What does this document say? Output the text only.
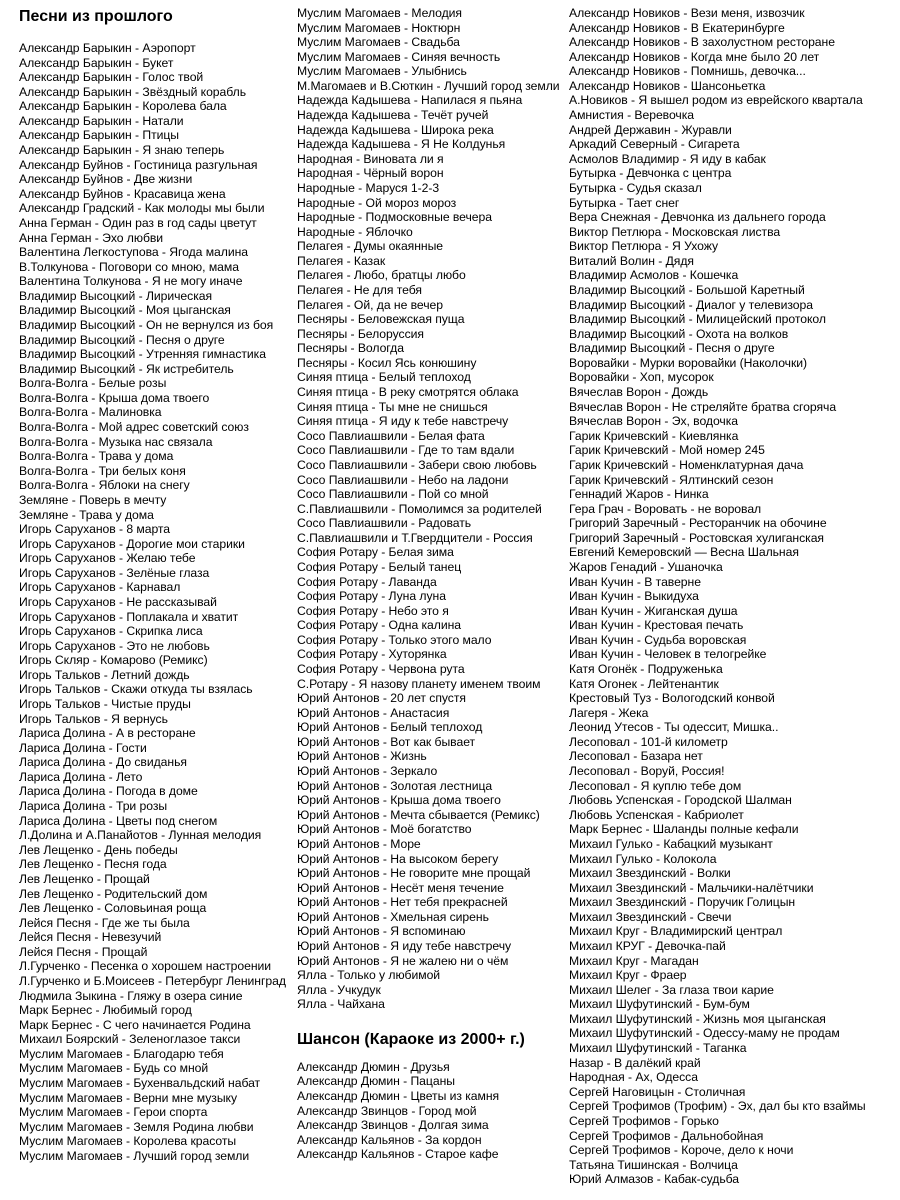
Песни из прошлого
Александр Барыкин - Аэропорт
Александр Барыкин - Букет
Александр Барыкин - Голос твой
Александр Барыкин - Звёздный корабль
Александр Барыкин - Королева бала
Александр Барыкин - Натали
Александр Барыкин - Птицы
Александр Барыкин - Я знаю теперь
Александр Буйнов - Гостиница разгульная
Александр Буйнов - Две жизни
Александр Буйнов - Красавица жена
Александр Градский - Как молоды мы были
Анна Герман - Один раз в год сады цветут
Анна Герман - Эхо любви
Валентина Легкоступова - Ягода малина
В.Толкунова - Поговори со мною, мама
Валентина Толкунова - Я не могу иначе
Владимир Высоцкий - Лирическая
Владимир Высоцкий - Моя цыганская
Владимир Высоцкий - Он не вернулся из боя
Владимир Высоцкий - Песня о друге
Владимир Высоцкий - Утренняя гимнастика
Владимир Высоцкий - Як истребитель
Волга-Волга - Белые розы
Волга-Волга - Крыша дома твоего
Волга-Волга - Малиновка
Волга-Волга - Мой адрес советский союз
Волга-Волга - Музыка нас связала
Волга-Волга - Трава у дома
Волга-Волга - Три белых коня
Волга-Волга - Яблоки на снегу
Земляне - Поверь в мечту
Земляне - Трава у дома
Игорь Саруханов - 8 марта
Игорь Саруханов - Дорогие мои старики
Игорь Саруханов - Желаю тебе
Игорь Саруханов - Зелёные глаза
Игорь Саруханов - Карнавал
Игорь Саруханов - Не рассказывай
Игорь Саруханов - Поплакала и хватит
Игорь Саруханов - Скрипка лиса
Игорь Саруханов - Это не любовь
Игорь Скляр - Комарово (Ремикс)
Игорь Тальков - Летний дождь
Игорь Тальков - Скажи откуда ты взялась
Игорь Тальков - Чистые пруды
Игорь Тальков - Я вернусь
Лариса Долина - А в ресторане
Лариса Долина - Гости
Лариса Долина - До свиданья
Лариса Долина - Лето
Лариса Долина - Погода в доме
Лариса Долина - Три розы
Лариса Долина - Цветы под снегом
Л.Долина и А.Панайотов - Лунная мелодия
Лев Лещенко - День победы
Лев Лещенко - Песня года
Лев Лещенко - Прощай
Лев Лещенко - Родительский дом
Лев Лещенко - Соловьиная роща
Лейся Песня - Где же ты была
Лейся Песня - Невезучий
Лейся Песня - Прощай
Л.Гурченко - Песенка о хорошем настроении
Л.Гурченко и Б.Моисеев - Петербург Ленинград
Людмила Зыкина - Гляжу в озера синие
Марк Бернес - Любимый город
Марк Бернес - С чего начинается Родина
Михаил Боярский - Зеленоглазое такси
Муслим Магомаев - Благодарю тебя
Муслим Магомаев - Будь со мной
Муслим Магомаев - Бухенвальдский набат
Муслим Магомаев - Верни мне музыку
Муслим Магомаев - Герои спорта
Муслим Магомаев - Земля Родина любви
Муслим Магомаев - Королева красоты
Муслим Магомаев - Лучший город земли
Муслим Магомаев - Мелодия
Муслим Магомаев - Ноктюрн
Муслим Магомаев - Свадьба
Муслим Магомаев - Синяя вечность
Муслим Магомаев - Улыбнись
М.Магомаев и В.Сюткин - Лучший город земли
Надежда Кадышева - Напилася я пьяна
Надежда Кадышева - Течёт ручей
Надежда Кадышева - Широка река
Надежда Кадышева - Я Не Колдунья
Народная - Виновата ли я
Народная - Чёрный ворон
Народные - Маруся 1-2-3
Народные - Ой мороз мороз
Народные - Подмосковные вечера
Народные - Яблочко
Пелагея - Думы окаянные
Пелагея - Казак
Пелагея - Любо, братцы любо
Пелагея - Не для тебя
Пелагея - Ой, да не вечер
Песняры - Беловежская пуща
Песняры - Белоруссия
Песняры - Вологда
Песняры - Косил Ясь конюшину
Синяя птица - Белый теплоход
Синяя птица - В реку смотрятся облака
Синяя птица - Ты мне не снишься
Синяя птица - Я иду к тебе навстречу
Сосо Павлиашвили - Белая фата
Сосо Павлиашвили - Где то там вдали
Сосо Павлиашвили - Забери свою любовь
Сосо Павлиашвили - Небо на ладони
Сосо Павлиашвили - Пой со мной
С.Павлиашвили - Помолимся за родителей
Сосо Павлиашвили - Радовать
С.Павлиашвили и Т.Гвердцители - Россия
София Ротару - Белая зима
София Ротару - Белый танец
София Ротару - Лаванда
София Ротару - Луна луна
София Ротару - Небо это я
София Ротару - Одна калина
София Ротару - Только этого мало
София Ротару - Хуторянка
София Ротару - Червона рута
С.Ротару - Я назову планету именем твоим
Юрий Антонов - 20 лет спустя
Юрий Антонов - Анастасия
Юрий Антонов - Белый теплоход
Юрий Антонов - Вот как бывает
Юрий Антонов - Жизнь
Юрий Антонов - Зеркало
Юрий Антонов - Золотая лестница
Юрий Антонов - Крыша дома твоего
Юрий Антонов - Мечта сбывается (Ремикс)
Юрий Антонов - Моё богатство
Юрий Антонов - Море
Юрий Антонов - На высоком берегу
Юрий Антонов - Не говорите мне прощай
Юрий Антонов - Несёт меня течение
Юрий Антонов - Нет тебя прекрасней
Юрий Антонов - Хмельная сирень
Юрий Антонов - Я вспоминаю
Юрий Антонов - Я иду тебе навстречу
Юрий Антонов - Я не жалею ни о чём
Ялла - Только у любимой
Ялла - Учкудук
Ялла - Чайхана
Шансон (Караоке из 2000+ г.)
Александр Дюмин - Друзья
Александр Дюмин - Пацаны
Александр Дюмин - Цветы из камня
Александр Звинцов - Город мой
Александр Звинцов - Долгая зима
Александр Кальянов - За кордон
Александр Кальянов - Старое кафе
Александр Новиков - Вези меня, извозчик
Александр Новиков - В Екатеринбурге
Александр Новиков - В захолустном ресторане
Александр Новиков - Когда мне было 20 лет
Александр Новиков - Помнишь, девочка...
Александр Новиков - Шансоньетка
А.Новиков - Я вышел родом из еврейского квартала
Амнистия - Веревочка
Андрей Державин - Журавли
Аркадий Северный - Сигарета
Асмолов Владимир - Я иду в кабак
Бутырка - Девчонка с центра
Бутырка - Судья сказал
Бутырка - Тает снег
Вера Снежная - Девчонка из дальнего города
Виктор Петлюра - Московская листва
Виктор Петлюра - Я Ухожу
Виталий Волин - Дядя
Владимир Асмолов - Кошечка
Владимир Высоцкий - Большой Каретный
Владимир Высоцкий - Диалог у телевизора
Владимир Высоцкий - Милицейский протокол
Владимир Высоцкий - Охота на волков
Владимир Высоцкий - Песня о друге
Воровайки - Мурки воровайки (Наколочки)
Воровайки - Хоп, мусорок
Вячеслав Ворон - Дождь
Вячеслав Ворон - Не стреляйте братва сгоряча
Вячеслав Ворон - Эх, водочка
Гарик Кричевский - Киевлянка
Гарик Кричевский - Мой номер 245
Гарик Кричевский - Номенклатурная дача
Гарик Кричевский - Ялтинский сезон
Геннадий Жаров - Нинка
Гера Грач - Воровать - не воровал
Григорий Заречный - Ресторанчик на обочине
Григорий Заречный - Ростовская хулиганская
Евгений Кемеровский — Весна Шальная
Жаров Генадий - Ушаночка
Иван Кучин - В таверне
Иван Кучин - Выкидуха
Иван Кучин - Жиганская душа
Иван Кучин - Крестовая печать
Иван Кучин - Судьба воровская
Иван Кучин - Человек в телогрейке
Катя Огонёк - Подруженька
Катя Огонек - Лейтенантик
Крестовый Туз - Вологодский конвой
Лагеря - Жека
Леонид Утесов - Ты одессит, Мишка..
Лесоповал - 101-й километр
Лесоповал - Базара нет
Лесоповал - Воруй, Россия!
Лесоповал - Я куплю тебе дом
Любовь Успенская - Городской Шалман
Любовь Успенская - Кабриолет
Марк Бернес - Шаланды полные кефали
Михаил Гулько - Кабацкий музыкант
Михаил Гулько - Колокола
Михаил Звездинский - Волки
Михаил Звездинский - Мальчики-налётчики
Михаил Звездинский - Поручик Голицын
Михаил Звездинский - Свечи
Михаил Круг - Владимирский централ
Михаил КРУГ - Девочка-пай
Михаил Круг - Магадан
Михаил Круг - Фраер
Михаил Шелег - За глаза твои карие
Михаил Шуфутинский - Бум-бум
Михаил Шуфутинский - Жизнь моя цыганская
Михаил Шуфутинский - Одессу-маму не продам
Михаил Шуфутинский - Таганка
Назар - В далёкий край
Народная - Ах, Одесса
Сергей Наговицын - Столичная
Сергей Трофимов (Трофим) - Эх, дал бы кто взаймы
Сергей Трофимов - Горько
Сергей Трофимов - Дальнобойная
Сергей Трофимов - Короче, дело к ночи
Татьяна Тишинская - Волчица
Юрий Алмазов - Кабак-судьба
